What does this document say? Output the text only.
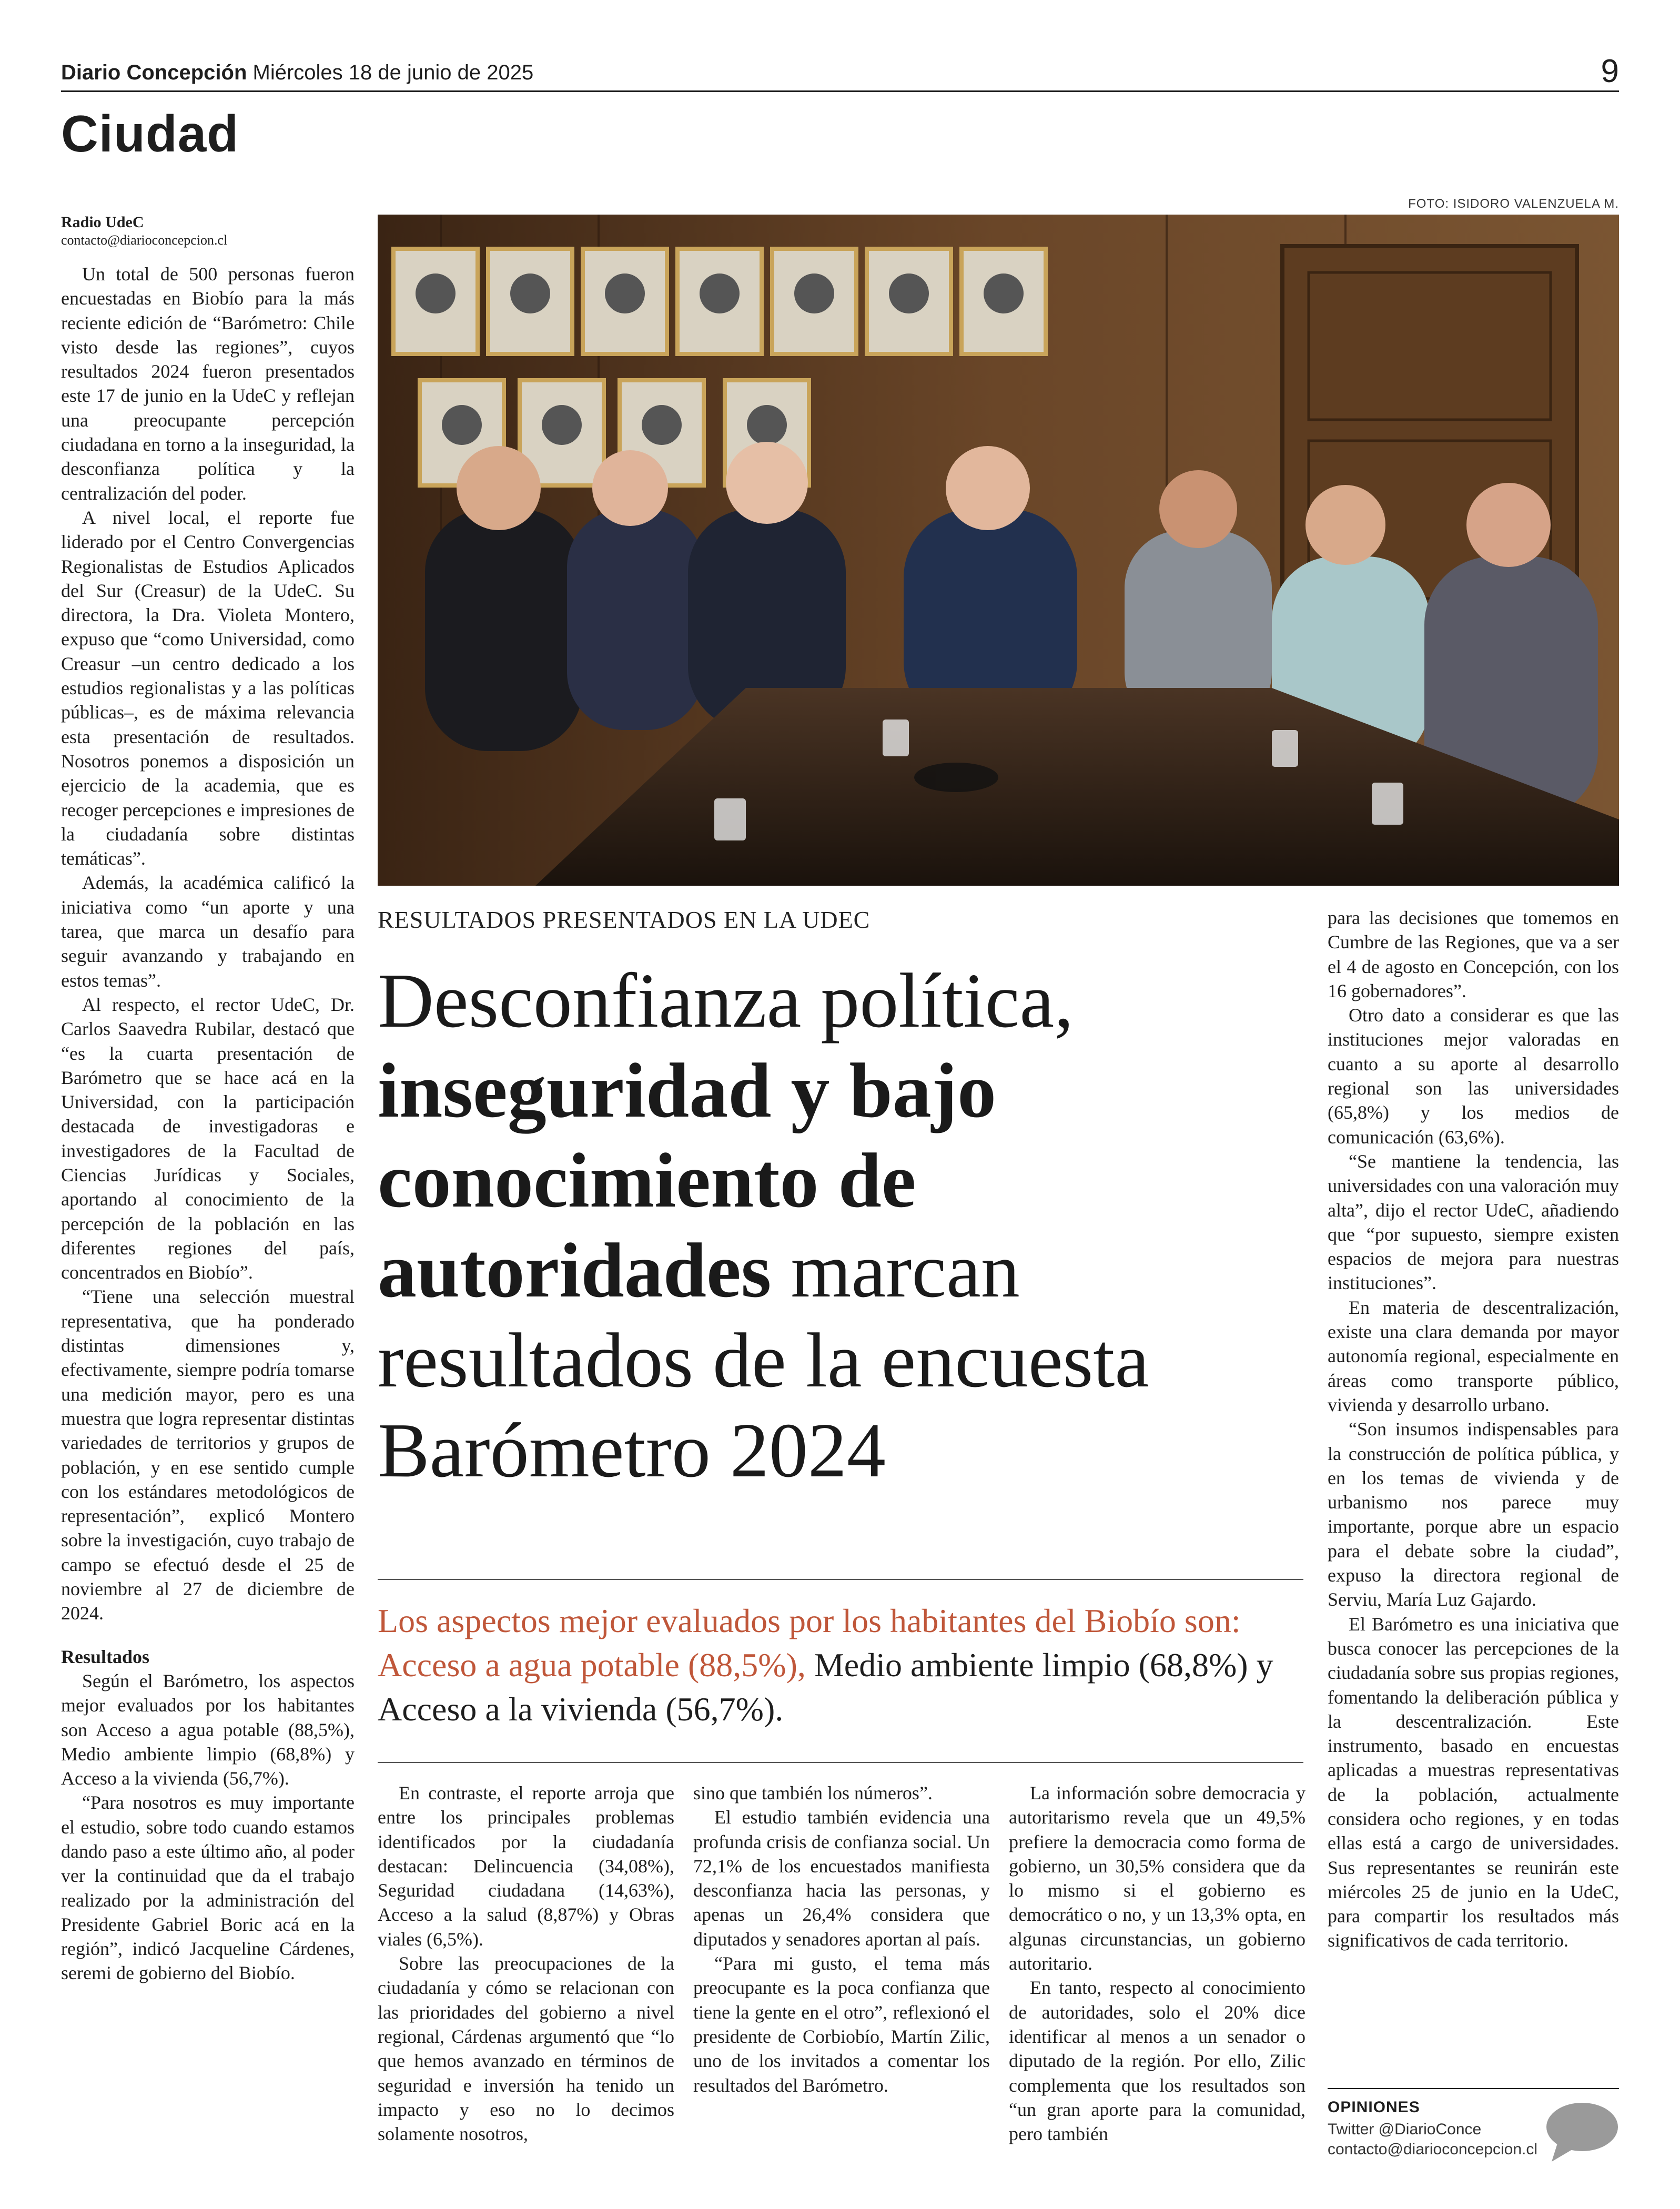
Diario Concepción Miércoles 18 de junio de 2025	9
Ciudad
Radio UdeC
contacto@diarioconcepcion.cl

Un total de 500 personas fueron encuestadas en Biobío para la más reciente edición de “Barómetro: Chile visto desde las regiones”, cuyos resultados 2024 fueron presentados este 17 de junio en la UdeC y reflejan una preocupante percepción ciudadana en torno a la inseguridad, la desconfianza política y la centralización del poder.

A nivel local, el reporte fue liderado por el Centro Convergencias Regionalistas de Estudios Aplicados del Sur (Creasur) de la UdeC. Su directora, la Dra. Violeta Montero, expuso que “como Universidad, como Creasur –un centro dedicado a los estudios regionalistas y a las políticas públicas–, es de máxima relevancia esta presentación de resultados. Nosotros ponemos a disposición un ejercicio de la academia, que es recoger percepciones e impresiones de la ciudadanía sobre distintas temáticas”.

Además, la académica calificó la iniciativa como “un aporte y una tarea, que marca un desafío para seguir avanzando y trabajando en estos temas”.

Al respecto, el rector UdeC, Dr. Carlos Saavedra Rubilar, destacó que “es la cuarta presentación de Barómetro que se hace acá en la Universidad, con la participación destacada de investigadoras e investigadores de la Facultad de Ciencias Jurídicas y Sociales, aportando al conocimiento de la percepción de la población en las diferentes regiones del país, concentrados en Biobío”.

“Tiene una selección muestral representativa, que ha ponderado distintas dimensiones y, efectivamente, siempre podría tomarse una medición mayor, pero es una muestra que logra representar distintas variedades de territorios y grupos de población, y en ese sentido cumple con los estándares metodológicos de representación”, explicó Montero sobre la investigación, cuyo trabajo de campo se efectuó desde el 25 de noviembre al 27 de diciembre de 2024.

Resultados

Según el Barómetro, los aspectos mejor evaluados por los habitantes son Acceso a agua potable (88,5%), Medio ambiente limpio (68,8%) y Acceso a la vivienda (56,7%).

“Para nosotros es muy importante el estudio, sobre todo cuando estamos dando paso a este último año, al poder ver la continuidad que da el trabajo realizado por la administración del Presidente Gabriel Boric acá en la región”, indicó Jacqueline Cárdenes, seremi de gobierno del Biobío.

FOTO: ISIDORO VALENZUELA M.
RESULTADOS PRESENTADOS EN LA UDEC
Desconfianza política,
inseguridad y bajo
conocimiento de
autoridades marcan
resultados de la encuesta
Barómetro 2024
Los aspectos mejor evaluados por los habitantes del Biobío son: Acceso a agua potable (88,5%), Medio ambiente limpio (68,8%) y Acceso a la vivienda (56,7%).

En contraste, el reporte arroja que entre los principales problemas identificados por la ciudadanía destacan: Delincuencia (34,08%), Seguridad ciudadana (14,63%), Acceso a la salud (8,87%) y Obras viales (6,5%).

Sobre las preocupaciones de la ciudadanía y cómo se relacionan con las prioridades del gobierno a nivel regional, Cárdenas argumentó que “lo que hemos avanzado en términos de seguridad e inversión ha tenido un impacto y eso no lo decimos solamente nosotros,

sino que también los números”.

El estudio también evidencia una profunda crisis de confianza social. Un 72,1% de los encuestados manifiesta desconfianza hacia las personas, y apenas un 26,4% considera que diputados y senadores aportan al país.

“Para mi gusto, el tema más preocupante es la poca confianza que tiene la gente en el otro”, reflexionó el presidente de Corbiobío, Martín Zilic, uno de los invitados a comentar los resultados del Barómetro.

La información sobre democracia y autoritarismo revela que un 49,5% prefiere la democracia como forma de gobierno, un 30,5% considera que da lo mismo si el gobierno es democrático o no, y un 13,3% opta, en algunas circunstancias, un gobierno autoritario.

En tanto, respecto al conocimiento de autoridades, solo el 20% dice identificar al menos a un senador o diputado de la región. Por ello, Zilic complementa que los resultados son “un gran aporte para la comunidad, pero también

para las decisiones que tomemos en Cumbre de las Regiones, que va a ser el 4 de agosto en Concepción, con los 16 gobernadores”.

Otro dato a considerar es que las instituciones mejor valoradas en cuanto a su aporte al desarrollo regional son las universidades (65,8%) y los medios de comunicación (63,6%).

“Se mantiene la tendencia, las universidades con una valoración muy alta”, dijo el rector UdeC, añadiendo que “por supuesto, siempre existen espacios de mejora para nuestras instituciones”.

En materia de descentralización, existe una clara demanda por mayor autonomía regional, especialmente en áreas como transporte público, vivienda y desarrollo urbano.

“Son insumos indispensables para la construcción de política pública, y en los temas de vivienda y de urbanismo nos parece muy importante, porque abre un espacio para el debate sobre la ciudad”, expuso la directora regional de Serviu, María Luz Gajardo.

El Barómetro es una iniciativa que busca conocer las percepciones de la ciudadanía sobre sus propias regiones, fomentando la deliberación pública y la descentralización. Este instrumento, basado en encuestas aplicadas a muestras representativas de la población, actualmente considera ocho regiones, y en todas ellas está a cargo de universidades. Sus representantes se reunirán este miércoles 25 de junio en la UdeC, para compartir los resultados más significativos de cada territorio.

OPINIONES
Twitter @DiarioConce
contacto@diarioconcepcion.cl
